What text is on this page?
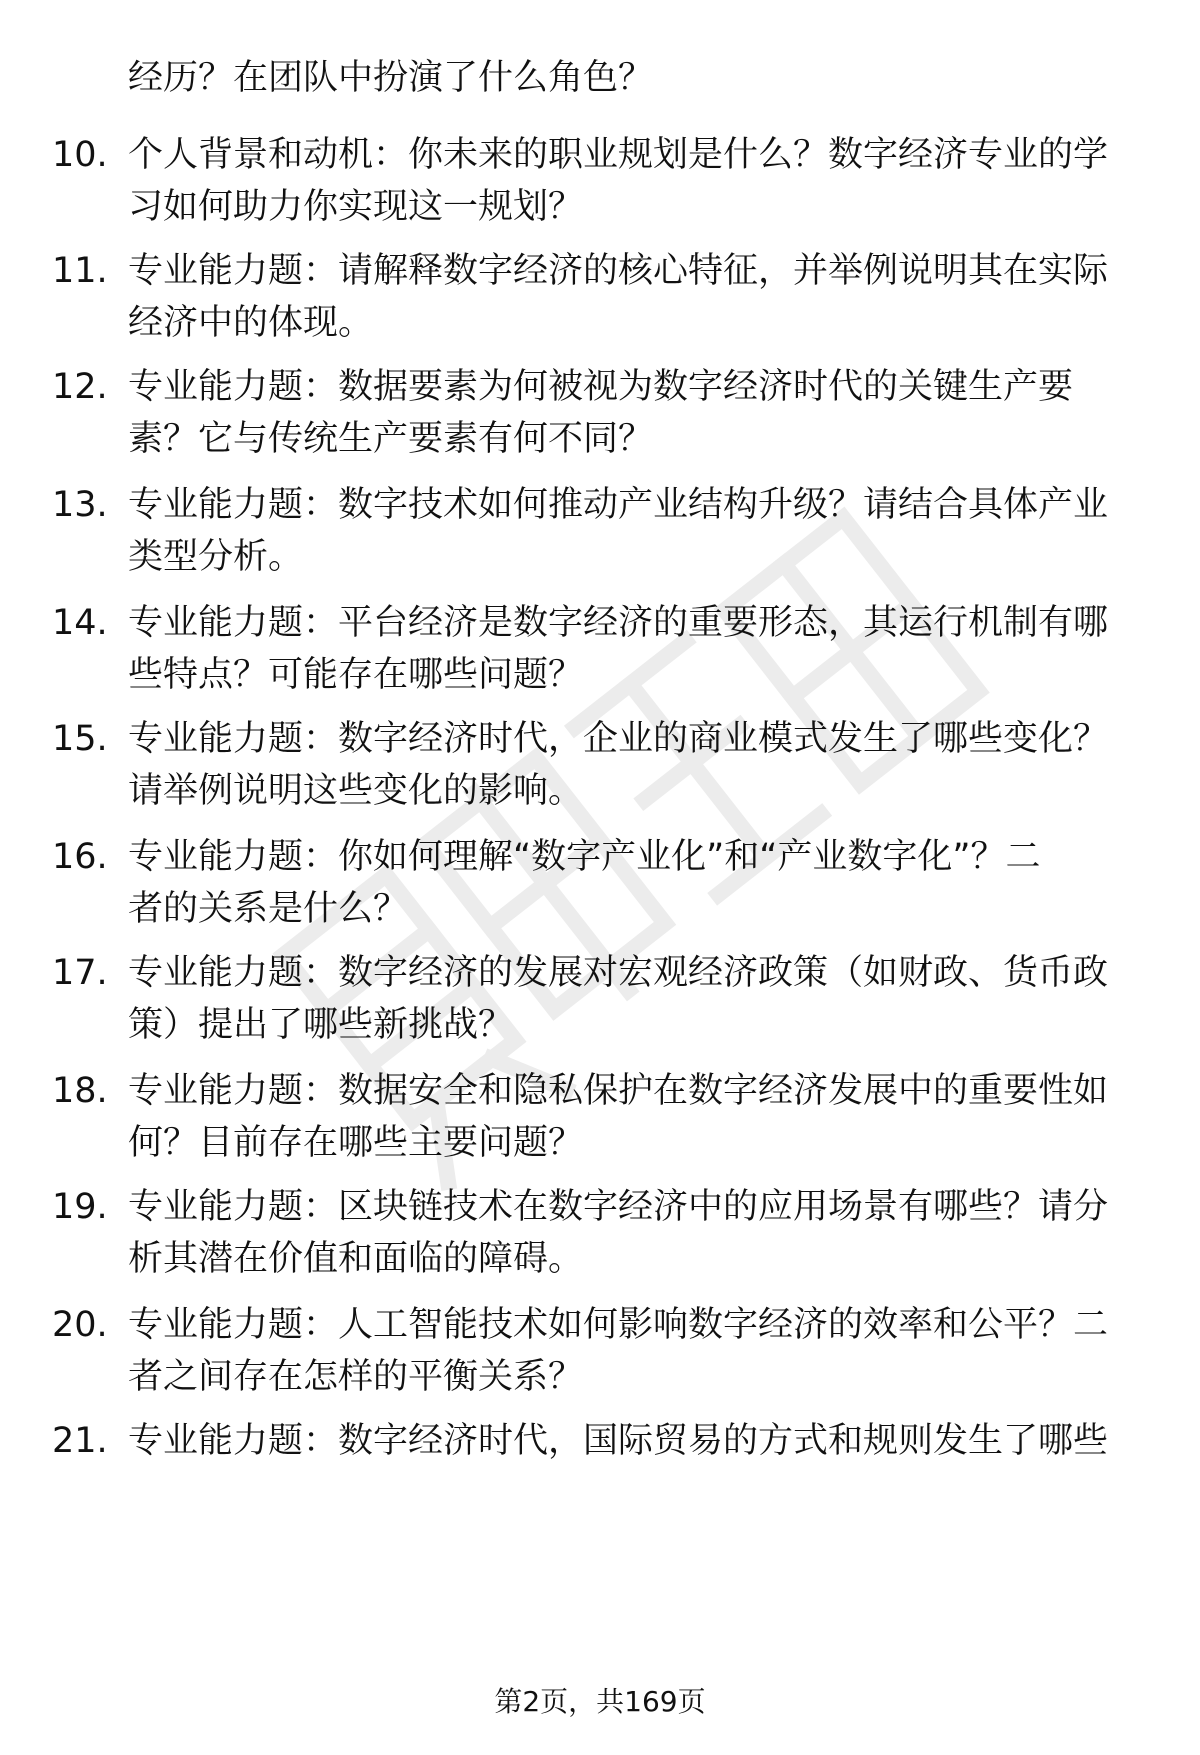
经历？在团队中扮演了什么角色？
10. 个人背景和动机：你未来的职业规划是什么？数字经济专业的学
习如何助力你实现这一规划？
11. 专业能力题：请解释数字经济的核心特征，并举例说明其在实际
经济中的体现。
12. 专业能力题：数据要素为何被视为数字经济时代的关键生产要
素？它与传统生产要素有何不同？
13. 专业能力题：数字技术如何推动产业结构升级？请结合具体产业
类型分析。
14. 专业能力题：平台经济是数字经济的重要形态，其运行机制有哪
些特点？可能存在哪些问题？
15. 专业能力题：数字经济时代，企业的商业模式发生了哪些变化？
请举例说明这些变化的影响。
16. 专业能力题：你如何理解“数字产业化”和“产业数字化”？二
者的关系是什么？
17. 专业能力题：数字经济的发展对宏观经济政策（如财政、货币政
策）提出了哪些新挑战？
18. 专业能力题：数据安全和隐私保护在数字经济发展中的重要性如
何？目前存在哪些主要问题？
19. 专业能力题：区块链技术在数字经济中的应用场景有哪些？请分
析其潜在价值和面临的障碍。
20. 专业能力题：人工智能技术如何影响数字经济的效率和公平？二
者之间存在怎样的平衡关系？
21. 专业能力题：数字经济时代，国际贸易的方式和规则发生了哪些
第2页，共169页
